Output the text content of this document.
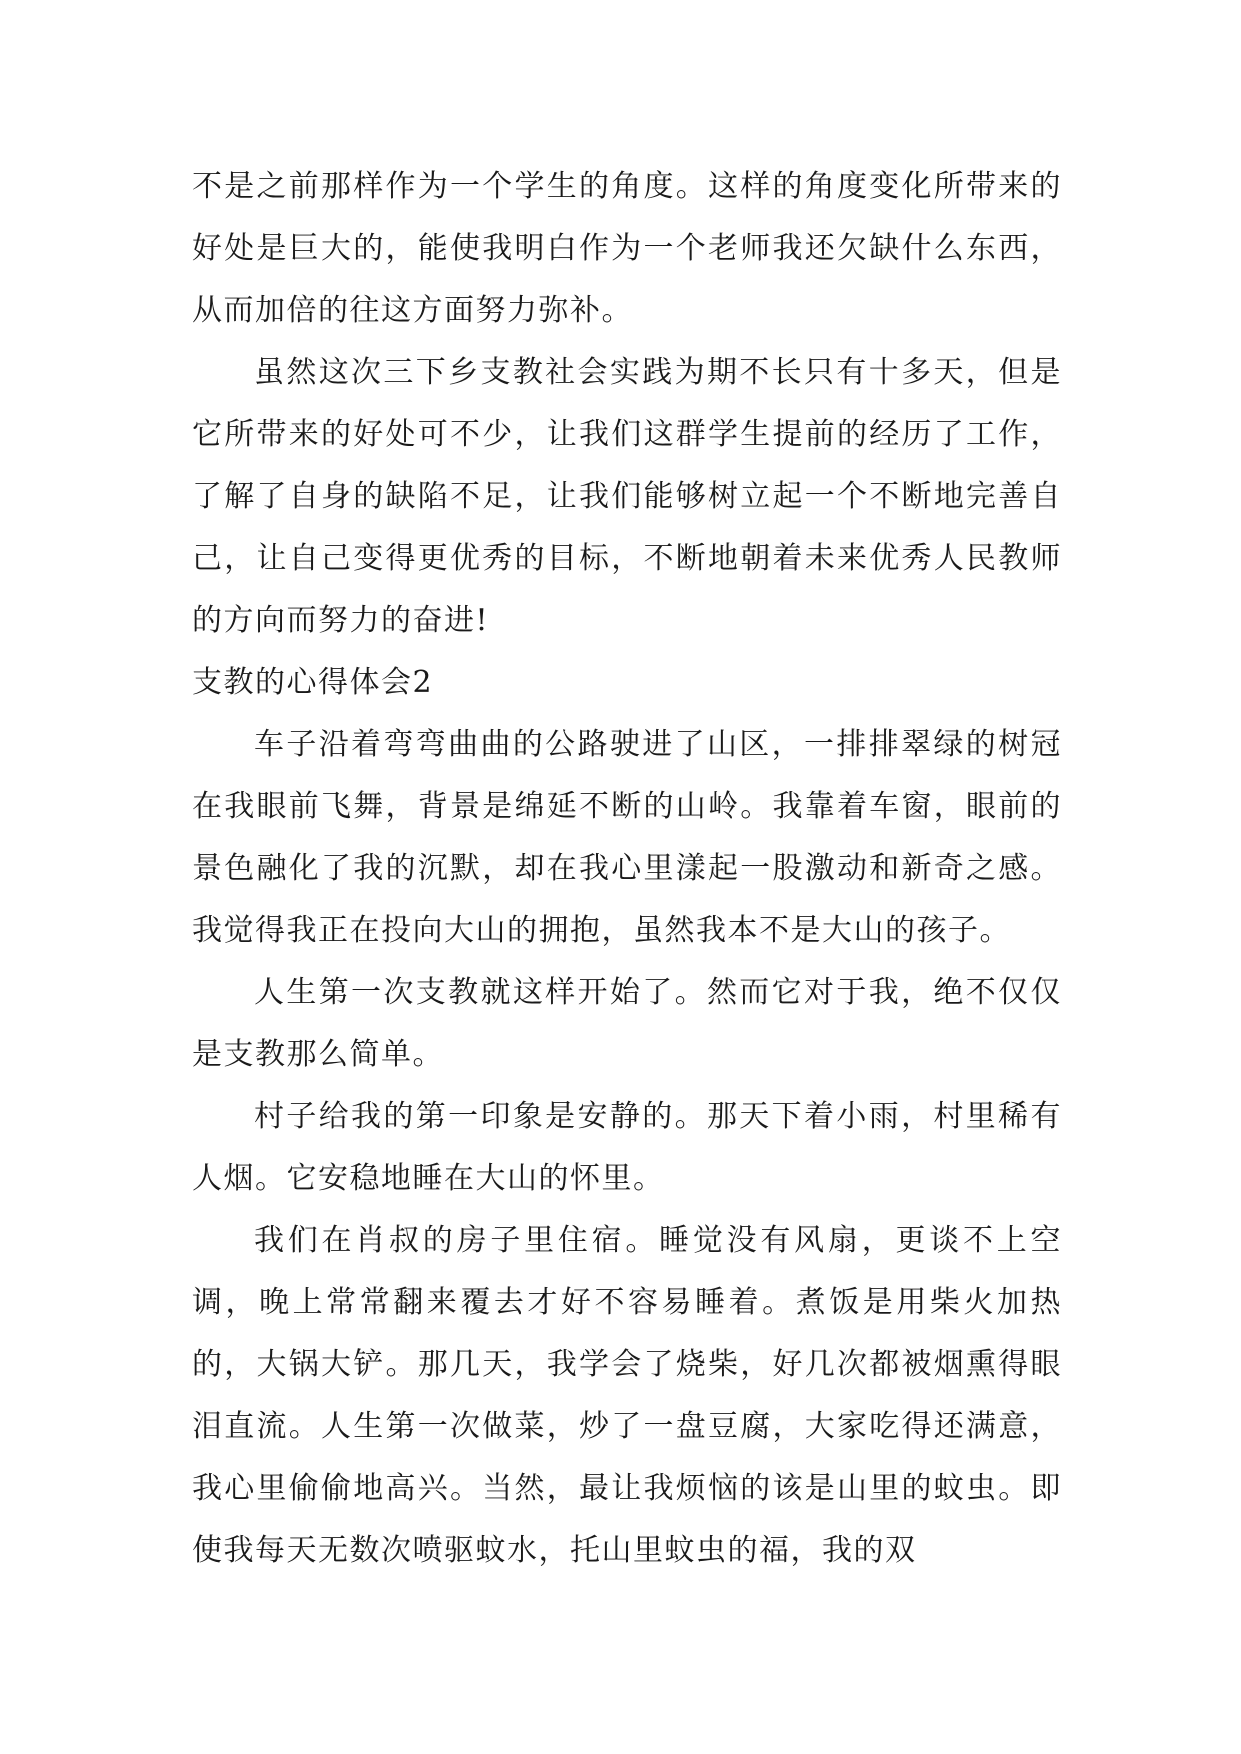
不是之前那样作为一个学生的角度。这样的角度变化所带来的好处是巨大的，能使我明白作为一个老师我还欠缺什么东西，从而加倍的往这方面努力弥补。

虽然这次三下乡支教社会实践为期不长只有十多天，但是它所带来的好处可不少，让我们这群学生提前的经历了工作，了解了自身的缺陷不足，让我们能够树立起一个不断地完善自己，让自己变得更优秀的目标，不断地朝着未来优秀人民教师的方向而努力的奋进!

支教的心得体会2

车子沿着弯弯曲曲的公路驶进了山区，一排排翠绿的树冠在我眼前飞舞，背景是绵延不断的山岭。我靠着车窗，眼前的景色融化了我的沉默，却在我心里漾起一股激动和新奇之感。我觉得我正在投向大山的拥抱，虽然我本不是大山的孩子。

人生第一次支教就这样开始了。然而它对于我，绝不仅仅是支教那么简单。

村子给我的第一印象是安静的。那天下着小雨，村里稀有人烟。它安稳地睡在大山的怀里。

我们在肖叔的房子里住宿。睡觉没有风扇，更谈不上空调，晚上常常翻来覆去才好不容易睡着。煮饭是用柴火加热的，大锅大铲。那几天，我学会了烧柴，好几次都被烟熏得眼泪直流。人生第一次做菜，炒了一盘豆腐，大家吃得还满意，我心里偷偷地高兴。当然，最让我烦恼的该是山里的蚊虫。即使我每天无数次喷驱蚊水，托山里蚊虫的福，我的双
